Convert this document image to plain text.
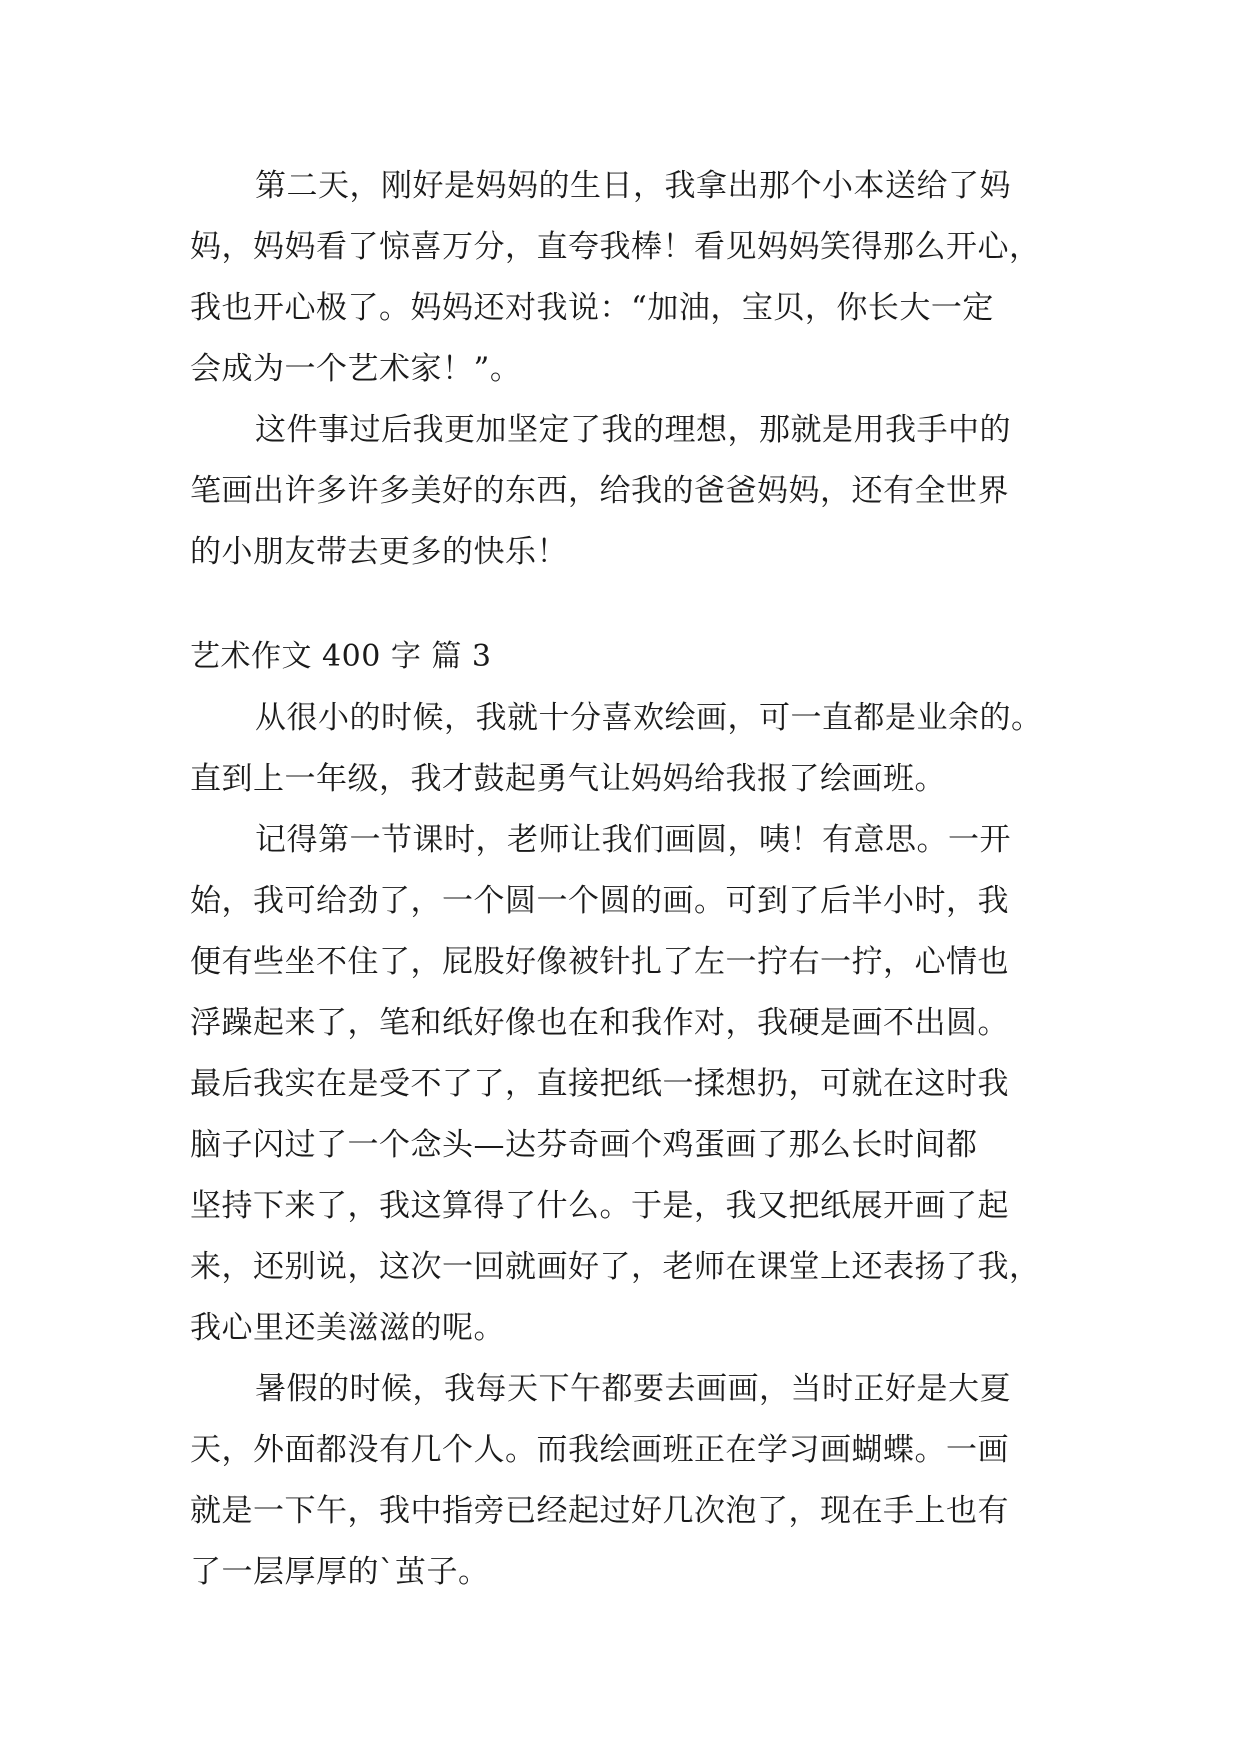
第二天，刚好是妈妈的生日，我拿出那个小本送给了妈
妈，妈妈看了惊喜万分，直夸我棒！看见妈妈笑得那么开心，
我也开心极了。妈妈还对我说：“加油，宝贝，你长大一定
会成为一个艺术家！”。
这件事过后我更加坚定了我的理想，那就是用我手中的
笔画出许多许多美好的东西，给我的爸爸妈妈，还有全世界
的小朋友带去更多的快乐！
艺术作文 400 字 篇 3
从很小的时候，我就十分喜欢绘画，可一直都是业余的。
直到上一年级，我才鼓起勇气让妈妈给我报了绘画班。
记得第一节课时，老师让我们画圆，咦！有意思。一开
始，我可给劲了，一个圆一个圆的画。可到了后半小时，我
便有些坐不住了，屁股好像被针扎了左一拧右一拧，心情也
浮躁起来了，笔和纸好像也在和我作对，我硬是画不出圆。
最后我实在是受不了了，直接把纸一揉想扔，可就在这时我
脑子闪过了一个念头—达芬奇画个鸡蛋画了那么长时间都
坚持下来了，我这算得了什么。于是，我又把纸展开画了起
来，还别说，这次一回就画好了，老师在课堂上还表扬了我，
我心里还美滋滋的呢。
暑假的时候，我每天下午都要去画画，当时正好是大夏
天，外面都没有几个人。而我绘画班正在学习画蝴蝶。一画
就是一下午，我中指旁已经起过好几次泡了，现在手上也有
了一层厚厚的`茧子。
